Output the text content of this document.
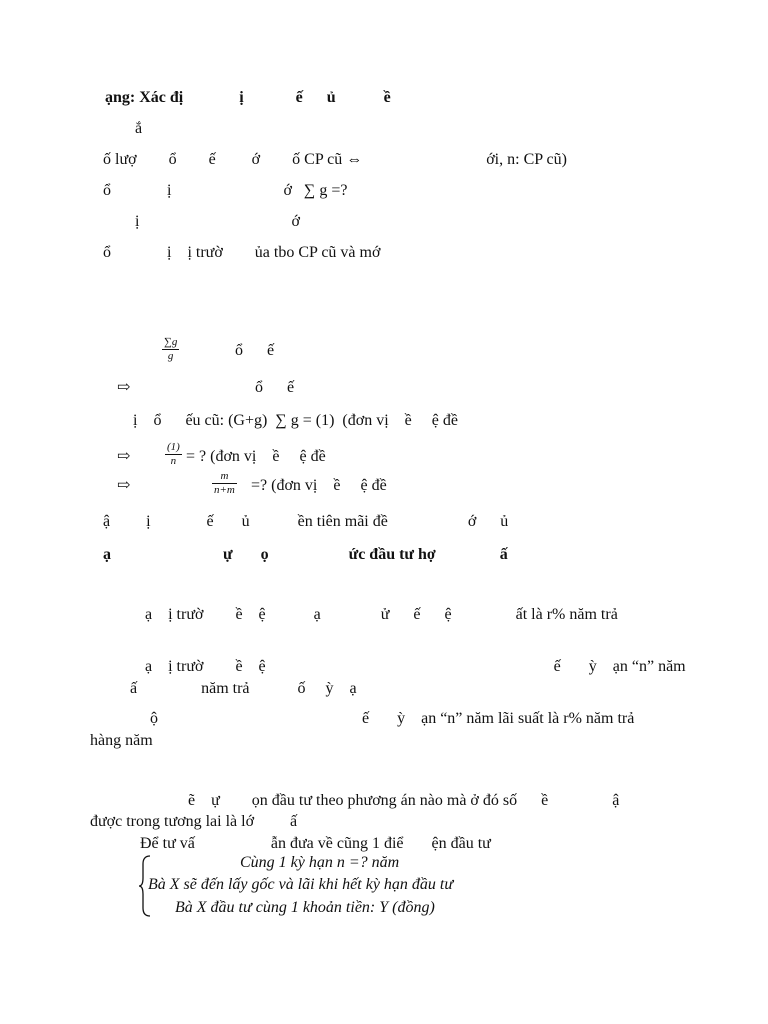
ạng: Xác đị              ị             ế      ủ            ề
ắ
ố lượ        ổ        ế         ớ        ố CP cũ ⇔                               ới, n: CP cũ)
ổ              ị                            ớ   ∑ g =?
ị                                      ớ
ổ              ị    ị trườ        ủa tbo CP cũ và mớ
$\frac{\sum g}{g}$	ổ      ế
⇨	ổ      ế
ị    ổ      ếu cũ: (G+g)  ∑ g = (1)  (đơn vị    ề     ệ đề
⇨	$\frac{(1)}{n}$ = ? (đơn vị    ề     ệ đề
⇨	$\frac{m}{n+m}$ =? (đơn vị    ề     ệ đề
ậ         ị              ế       ủ            ền tiên mãi đề                    ớ      ủ
ạ                            ự       ọ                    ức đầu tư hợ                ấ
ạ    ị trườ        ề    ệ            ạ               ử      ế      ệ                ất là r% năm trả
ạ    ị trườ        ề    ệ                                                                        ế       ỳ    ạn “n” năm
ấ                năm trả            ố     ỳ    ạ
ộ                                                   ế       ỳ    ạn “n” năm lãi suất là r% năm trả
hàng năm
ẽ    ự        ọn đầu tư theo phương án nào mà ở đó số      ề                ậ
được trong tương lai là lớ         ấ
Để tư vấ                   ẫn đưa về cũng 1 điể       ện đầu tư
Cùng 1 kỳ hạn n =? năm
Bà X sẽ đến lấy gốc và lãi khi hết kỳ hạn đầu tư
Bà X đầu tư cùng 1 khoản tiền: Y (đồng)
